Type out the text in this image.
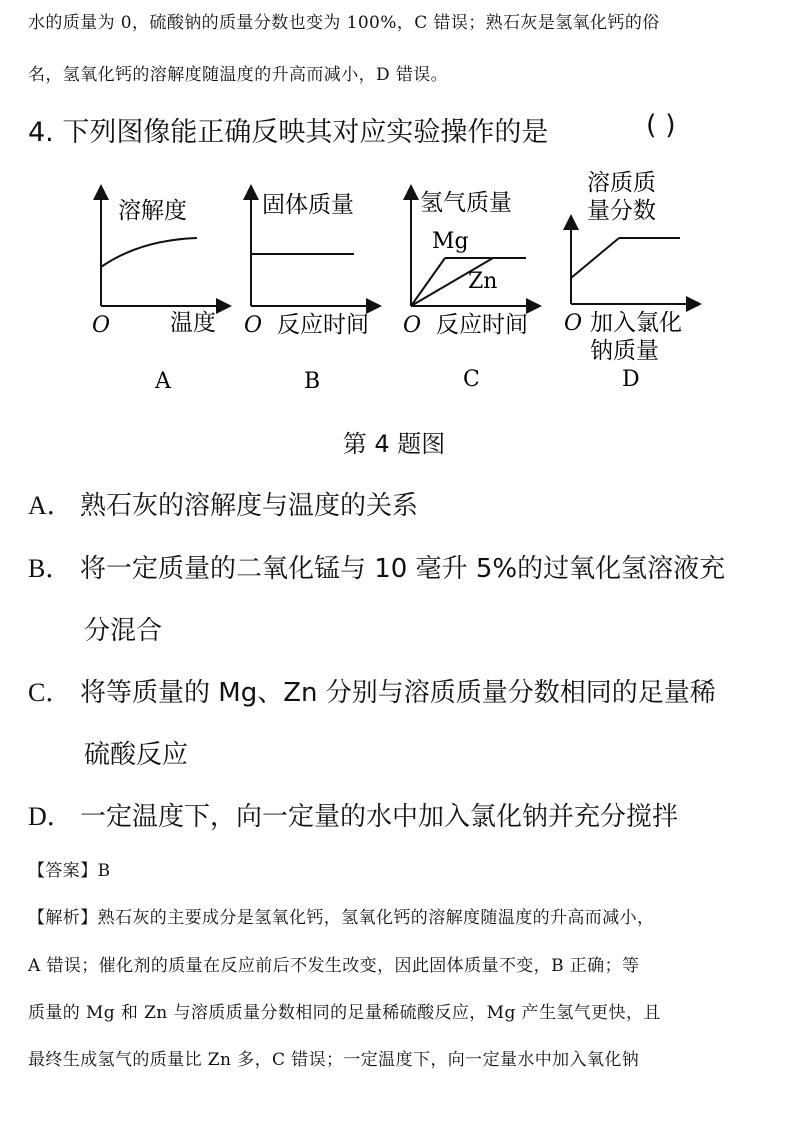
水的质量为 0，硫酸钠的质量分数也变为 100%，C 错误；熟石灰是氢氧化钙的俗
名，氢氧化钙的溶解度随温度的升高而减小，D 错误。
4. 下列图像能正确反映其对应实验操作的是	( )
溶解度
O	温度
A
固体质量
O 反应时间
B
氢气质量
Mg
Zn
O 反应时间
C
溶质质
量分数
O 加入氯化
钠质量
D
第 4 题图
A． 熟石灰的溶解度与温度的关系
B． 将一定质量的二氧化锰与 10 毫升 5%的过氧化氢溶液充
分混合
C． 将等质量的 Mg、Zn 分别与溶质质量分数相同的足量稀
硫酸反应
D． 一定温度下，向一定量的水中加入氯化钠并充分搅拌
【答案】B
【解析】熟石灰的主要成分是氢氧化钙，氢氧化钙的溶解度随温度的升高而减小，
A 错误；催化剂的质量在反应前后不发生改变，因此固体质量不变，B 正确；等
质量的 Mg 和 Zn 与溶质质量分数相同的足量稀硫酸反应，Mg 产生氢气更快，且
最终生成氢气的质量比 Zn 多，C 错误；一定温度下，向一定量水中加入氧化钠
